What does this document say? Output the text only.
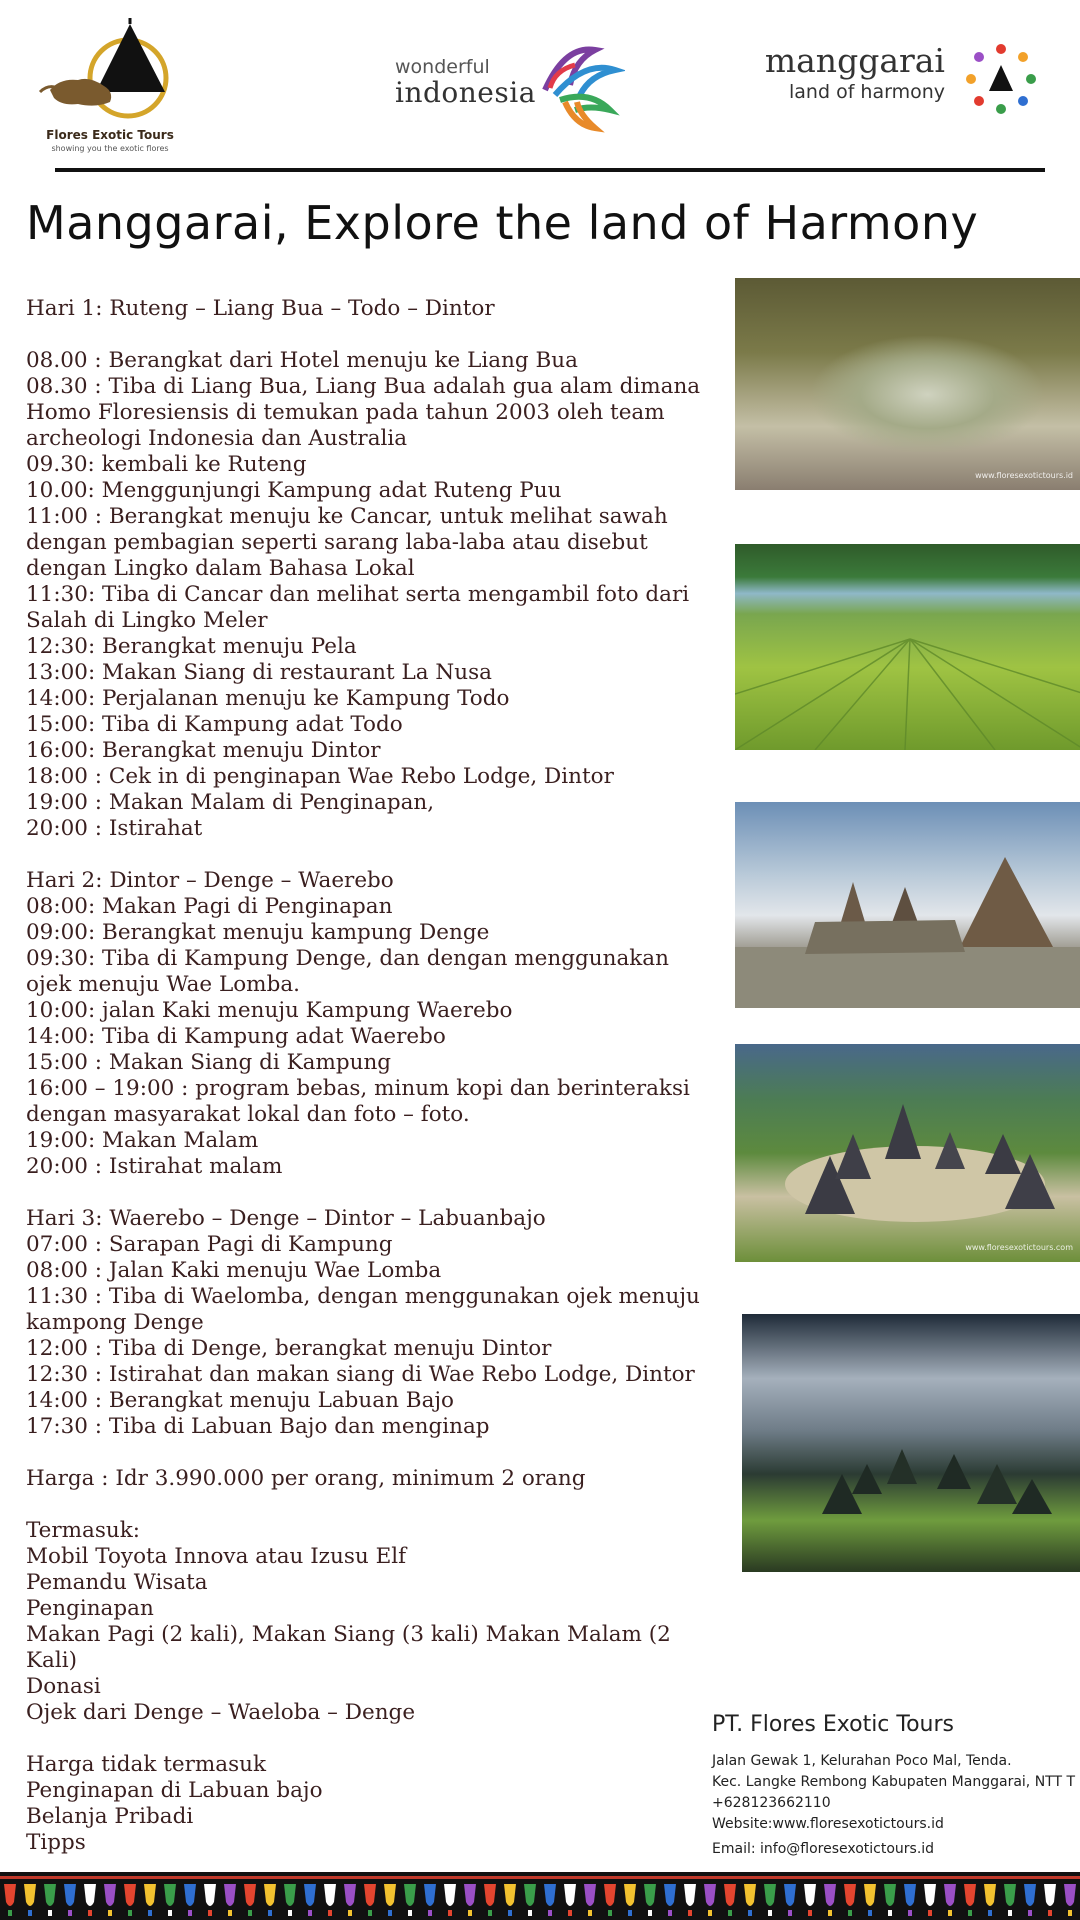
Flores Exotic Tours
showing you the exotic flores
wonderful
indonesia
manggarai
land of harmony
Manggarai, Explore the land of Harmony
Hari 1: Ruteng – Liang Bua – Todo – Dintor
08.00 : Berangkat dari Hotel menuju ke Liang Bua
08.30 : Tiba di Liang Bua, Liang Bua adalah gua alam dimana
Homo Floresiensis di temukan pada tahun 2003 oleh team
archeologi Indonesia dan Australia
09.30: kembali ke Ruteng
10.00: Menggunjungi Kampung adat Ruteng Puu
11:00 : Berangkat menuju ke Cancar, untuk melihat sawah
dengan pembagian seperti sarang laba-laba atau disebut
dengan Lingko dalam Bahasa Lokal
11:30: Tiba di Cancar dan melihat serta mengambil foto dari
Salah di Lingko Meler
12:30: Berangkat menuju Pela
13:00: Makan Siang di restaurant La Nusa
14:00: Perjalanan menuju ke Kampung Todo
15:00: Tiba di Kampung adat Todo
16:00: Berangkat menuju Dintor
18:00 : Cek in di penginapan Wae Rebo Lodge, Dintor
19:00 : Makan Malam di Penginapan,
20:00 : Istirahat
Hari 2: Dintor – Denge – Waerebo
08:00: Makan Pagi di Penginapan
09:00: Berangkat menuju kampung Denge
09:30: Tiba di Kampung Denge, dan dengan menggunakan
ojek menuju Wae Lomba.
10:00: jalan Kaki menuju Kampung Waerebo
14:00: Tiba di Kampung adat Waerebo
15:00 : Makan Siang di Kampung
16:00 – 19:00 : program bebas, minum kopi dan berinteraksi
dengan masyarakat lokal dan foto – foto.
19:00: Makan Malam
20:00 : Istirahat malam
Hari 3: Waerebo – Denge – Dintor – Labuanbajo
07:00 : Sarapan Pagi di Kampung
08:00 : Jalan Kaki menuju Wae Lomba
11:30 : Tiba di Waelomba, dengan menggunakan ojek menuju
kampong Denge
12:00 : Tiba di Denge, berangkat menuju Dintor
12:30 : Istirahat dan makan siang di Wae Rebo Lodge, Dintor
14:00 : Berangkat menuju Labuan Bajo
17:30 : Tiba di Labuan Bajo dan menginap
Harga : Idr 3.990.000 per orang, minimum 2 orang
Termasuk:
Mobil Toyota Innova atau Izusu Elf
Pemandu Wisata
Penginapan
Makan Pagi (2 kali), Makan Siang (3 kali) Makan Malam (2 Kali)
Donasi
Ojek dari Denge – Waeloba – Denge
Harga tidak termasuk
Penginapan di Labuan bajo
Belanja Pribadi
Tipps
www.floresexotictours.id
www.floresexotictours.com
PT. Flores Exotic Tours
Jalan Gewak 1, Kelurahan Poco Mal, Tenda.
Kec. Langke Rembong Kabupaten Manggarai, NTT T
+628123662110
Website:www.floresexotictours.id
Email: info@floresexotictours.id
